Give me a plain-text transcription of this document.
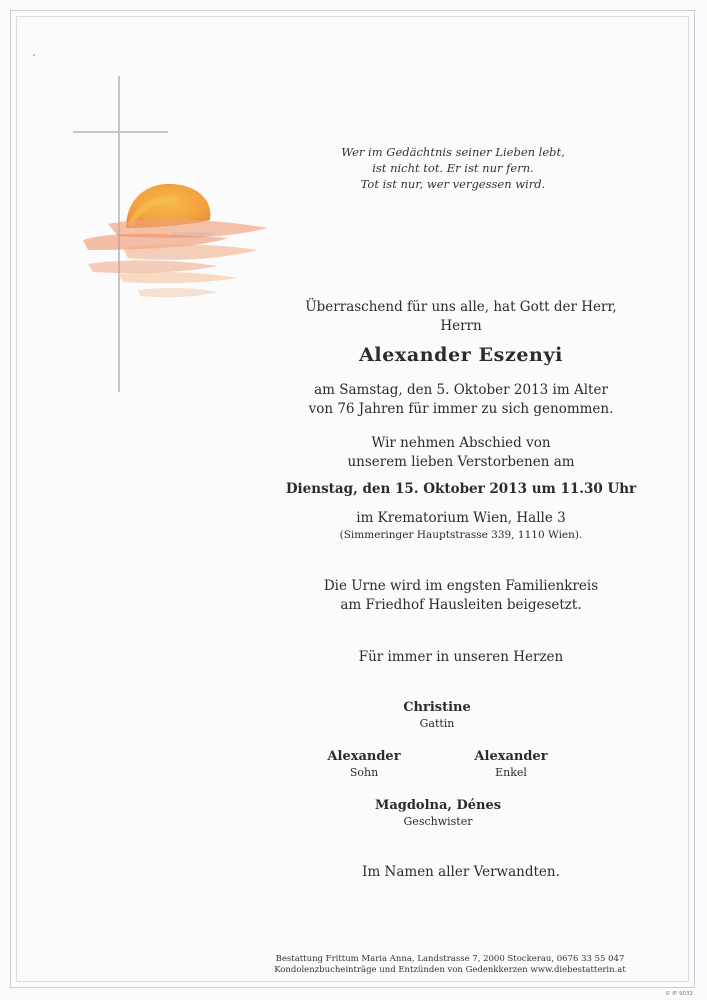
Wer im Gedächtnis seiner Lieben lebt,
ist nicht tot. Er ist nur fern.
Tot ist nur, wer vergessen wird.
Überraschend für uns alle, hat Gott der Herr,
Herrn
Alexander Eszenyi
am Samstag, den 5. Oktober 2013 im Alter
von 76 Jahren für immer zu sich genommen.
Wir nehmen Abschied von
unserem lieben Verstorbenen am
Dienstag, den 15. Oktober 2013 um 11.30 Uhr
im Krematorium Wien, Halle 3
(Simmeringer Hauptstrasse 339, 1110 Wien).
Die Urne wird im engsten Familienkreis
am Friedhof Hausleiten beigesetzt.
Für immer in unseren Herzen
Christine
Gattin
Alexander
Sohn
Alexander
Enkel
Magdolna, Dénes
Geschwister
Im Namen aller Verwandten.
Bestattung Frittum Maria Anna, Landstrasse 7, 2000 Stockerau, 0676 33 55 047
Kondolenzbucheinträge und Entzünden von Gedenkkerzen www.diebestatterin.at
© IP 9032
